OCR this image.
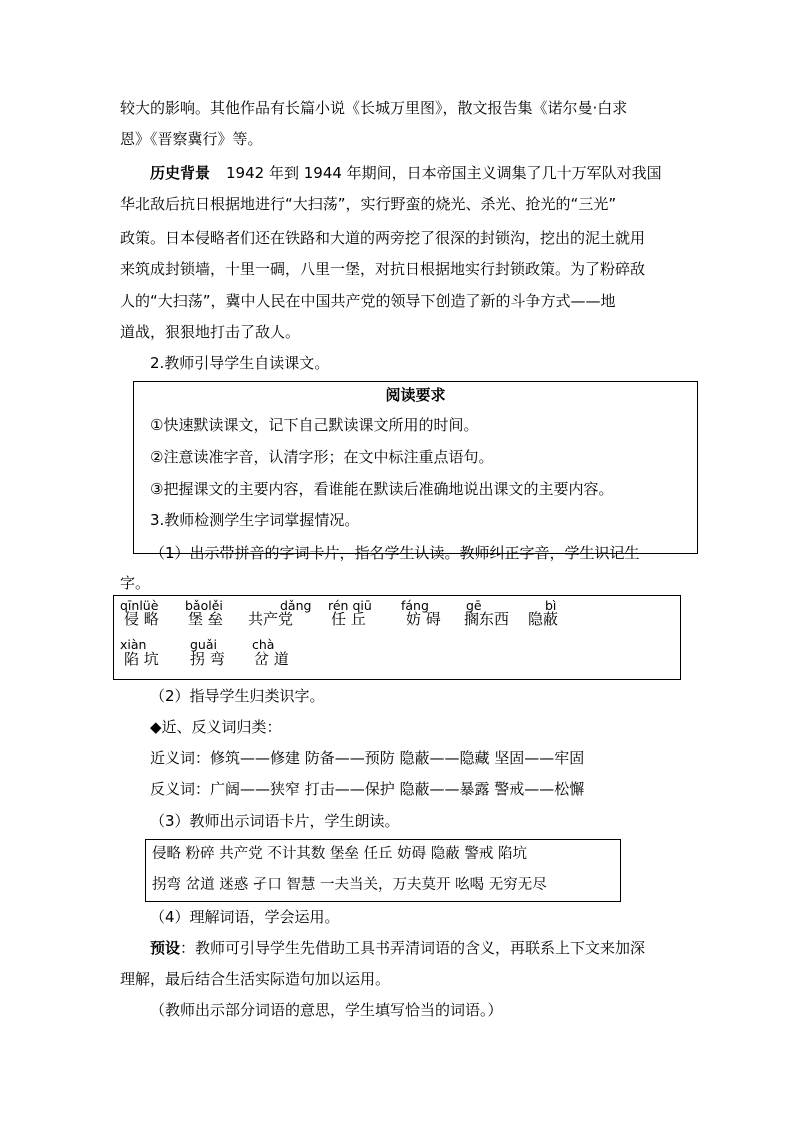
较大的影响。其他作品有长篇小说《长城万里图》，散文报告集《诺尔曼·白求
恩》《晋察冀行》等。
历史背景 1942 年到 1944 年期间，日本帝国主义调集了几十万军队对我国
华北敌后抗日根据地进行“大扫荡”，实行野蛮的烧光、杀光、抢光的“三光”
政策。日本侵略者们还在铁路和大道的两旁挖了很深的封锁沟，挖出的泥土就用
来筑成封锁墙，十里一碉，八里一堡，对抗日根据地实行封锁政策。为了粉碎敌
人的“大扫荡”，冀中人民在中国共产党的领导下创造了新的斗争方式——地
道战，狠狠地打击了敌人。
2.教师引导学生自读课文。
阅读要求
①快速默读课文，记下自己默读课文所用的时间。
②注意读准字音，认清字形；在文中标注重点语句。
③把握课文的主要内容，看谁能在默读后准确地说出课文的主要内容。
3.教师检测学生字词掌握情况。
（1）出示带拼音的字词卡片，指名学生认读。教师纠正字音，学生识记生
字。
qīnlüè
侵 略
bǎolěi
堡 垒
dǎng
共产党
rén qiū
任 丘
fáng
妨 碍
gē
搁东西
bì
隐蔽
xiàn
陷 坑
guǎi
拐 弯
chà
岔 道
（2）指导学生归类识字。
◆近、反义词归类：
近义词：修筑——修建 防备——预防 隐蔽——隐藏 坚固——牢固
反义词：广阔——狭窄 打击——保护 隐蔽——暴露 警戒——松懈
（3）教师出示词语卡片，学生朗读。
侵略 粉碎 共产党 不计其数 堡垒 任丘 妨碍 隐蔽 警戒 陷坑
拐弯 岔道 迷惑 孑口 智慧 一夫当关，万夫莫开 吆喝 无穷无尽
（4）理解词语，学会运用。
预设：教师可引导学生先借助工具书弄清词语的含义，再联系上下文来加深
理解，最后结合生活实际造句加以运用。
（教师出示部分词语的意思，学生填写恰当的词语。）
